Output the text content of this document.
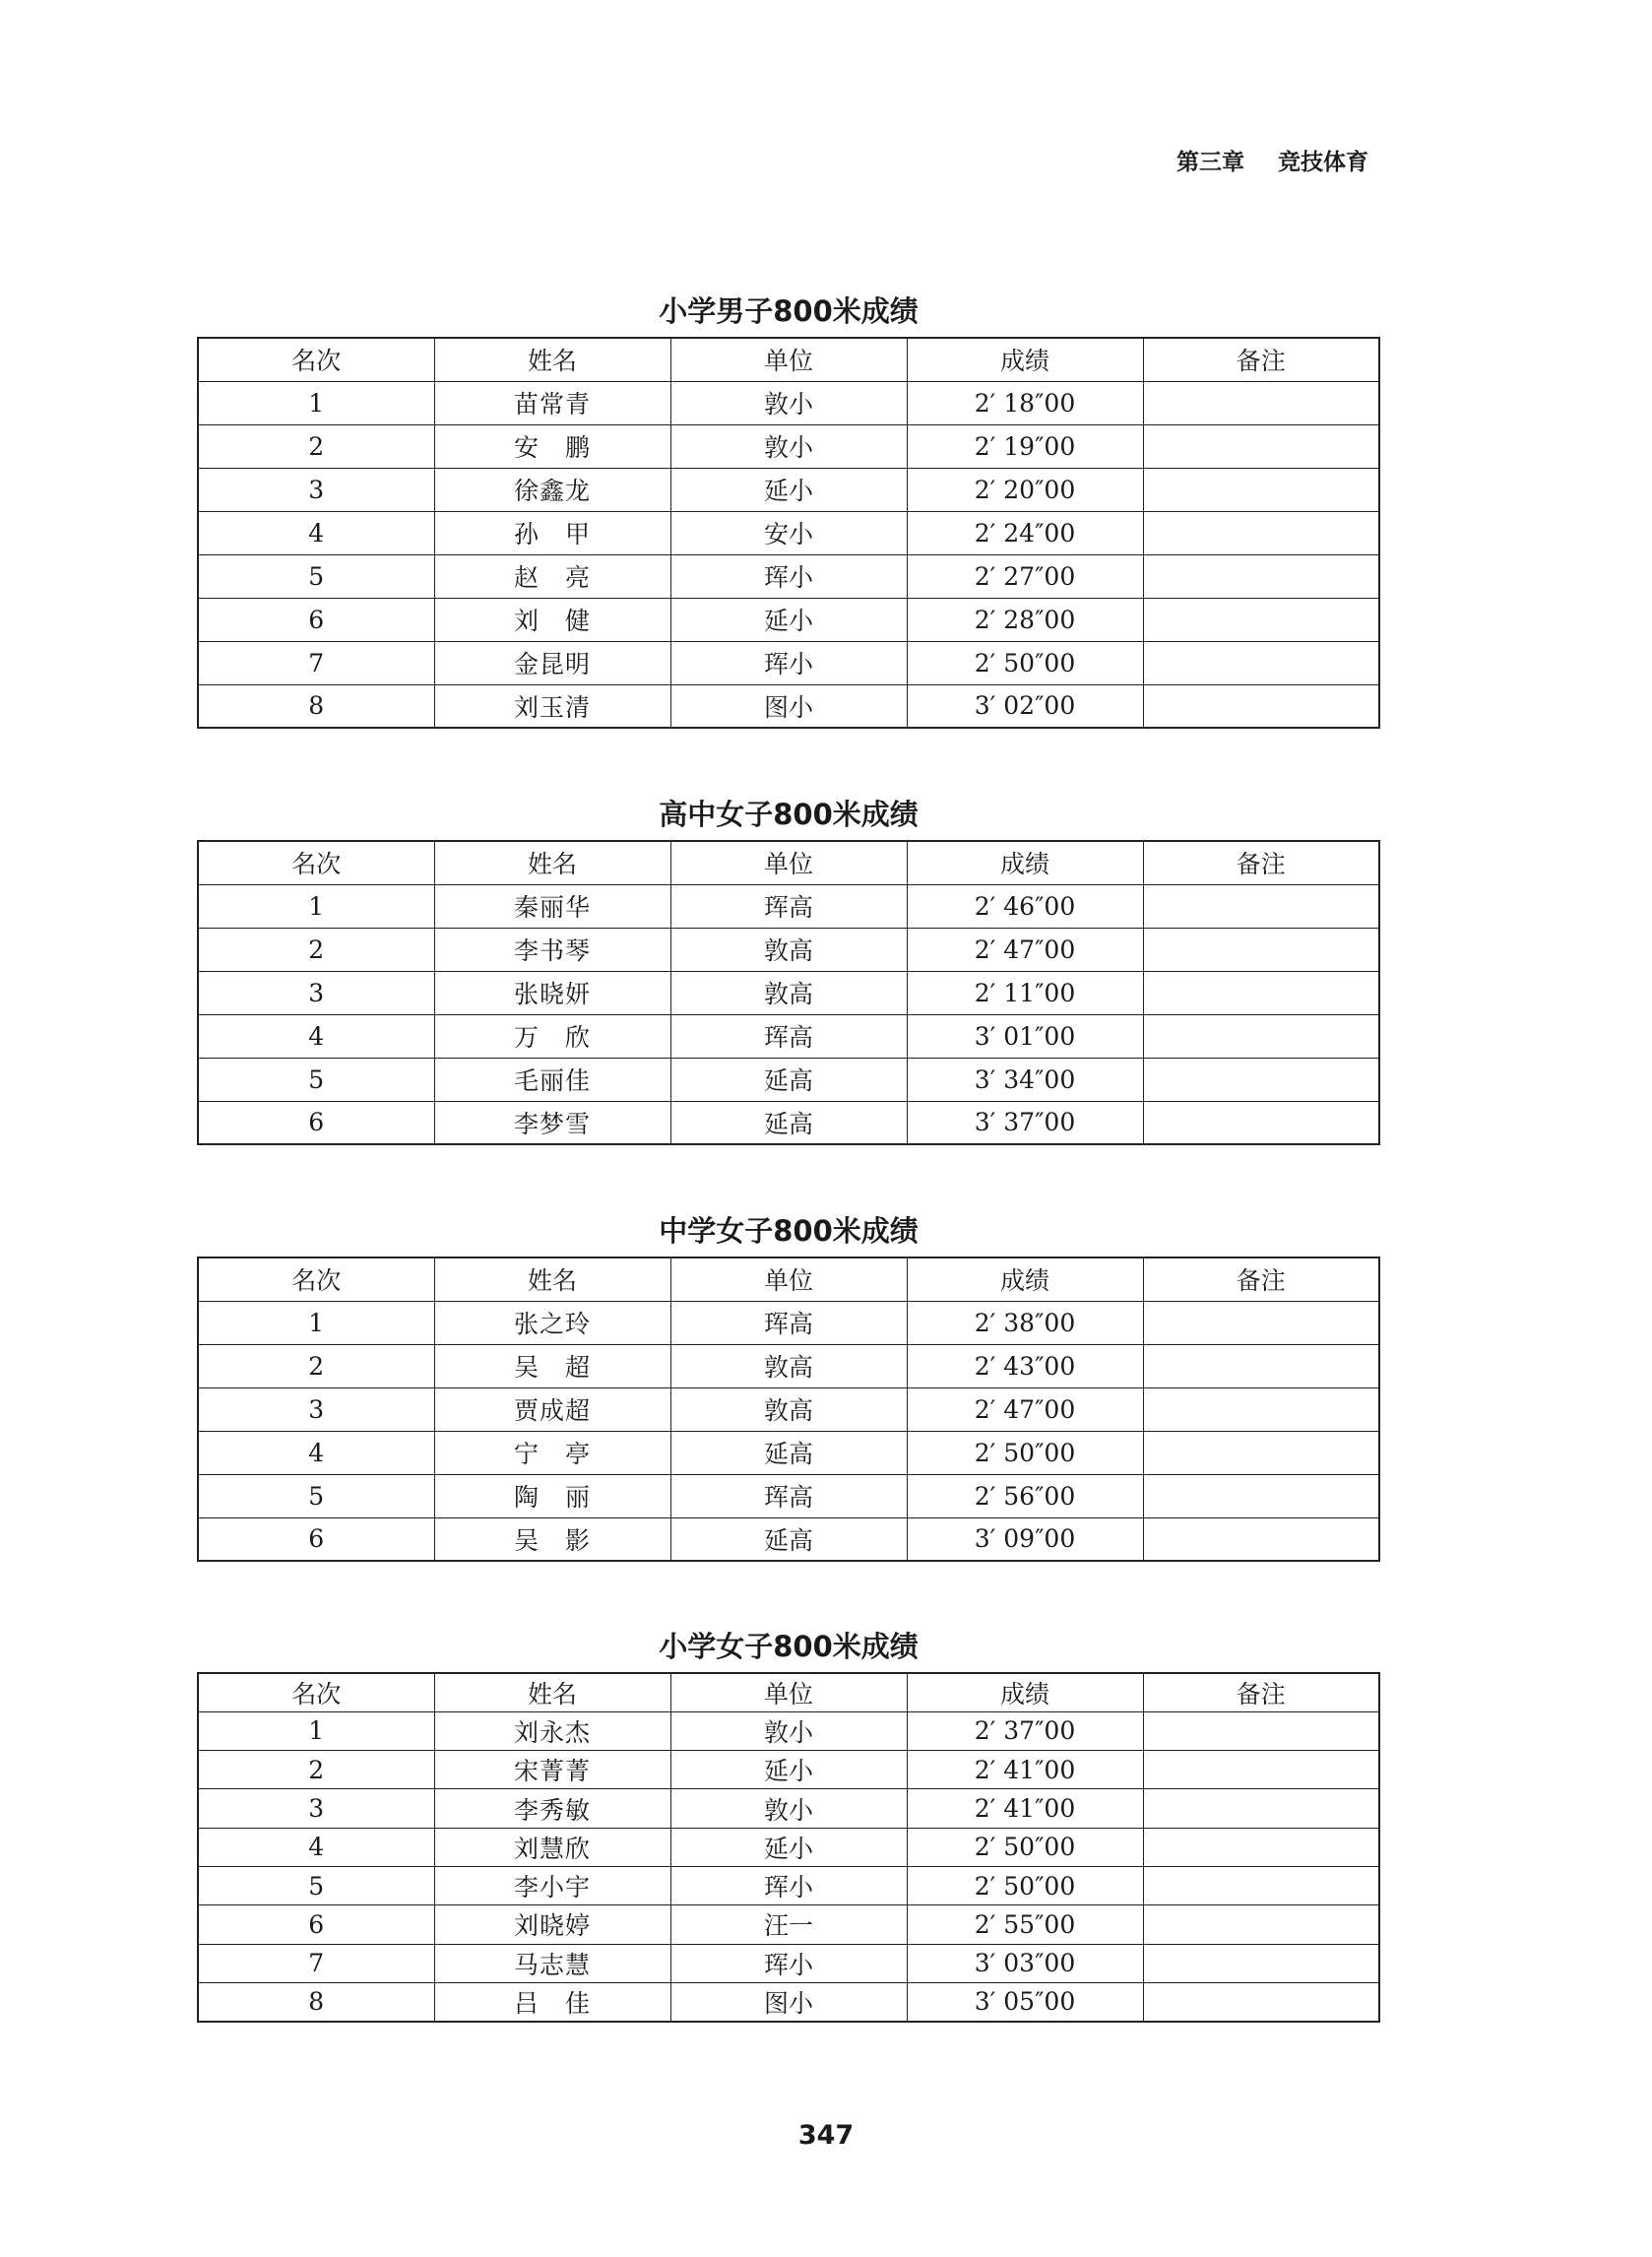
第三章 竞技体育
小学男子800米成绩
名次	姓名	单位	成绩	备注
1	苗常青	敦小	2′ 18″00	
2	安　鹏	敦小	2′ 19″00	
3	徐鑫龙	延小	2′ 20″00	
4	孙　甲	安小	2′ 24″00	
5	赵　亮	珲小	2′ 27″00	
6	刘　健	延小	2′ 28″00	
7	金昆明	珲小	2′ 50″00	
8	刘玉清	图小	3′ 02″00	
高中女子800米成绩
名次	姓名	单位	成绩	备注
1	秦丽华	珲高	2′ 46″00	
2	李书琴	敦高	2′ 47″00	
3	张晓妍	敦高	2′ 11″00	
4	万　欣	珲高	3′ 01″00	
5	毛丽佳	延高	3′ 34″00	
6	李梦雪	延高	3′ 37″00	
中学女子800米成绩
名次	姓名	单位	成绩	备注
1	张之玲	珲高	2′ 38″00	
2	吴　超	敦高	2′ 43″00	
3	贾成超	敦高	2′ 47″00	
4	宁　亭	延高	2′ 50″00	
5	陶　丽	珲高	2′ 56″00	
6	吴　影	延高	3′ 09″00	
小学女子800米成绩
名次	姓名	单位	成绩	备注
1	刘永杰	敦小	2′ 37″00	
2	宋菁菁	延小	2′ 41″00	
3	李秀敏	敦小	2′ 41″00	
4	刘慧欣	延小	2′ 50″00	
5	李小宇	珲小	2′ 50″00	
6	刘晓婷	汪一	2′ 55″00	
7	马志慧	珲小	3′ 03″00	
8	吕　佳	图小	3′ 05″00	
347
